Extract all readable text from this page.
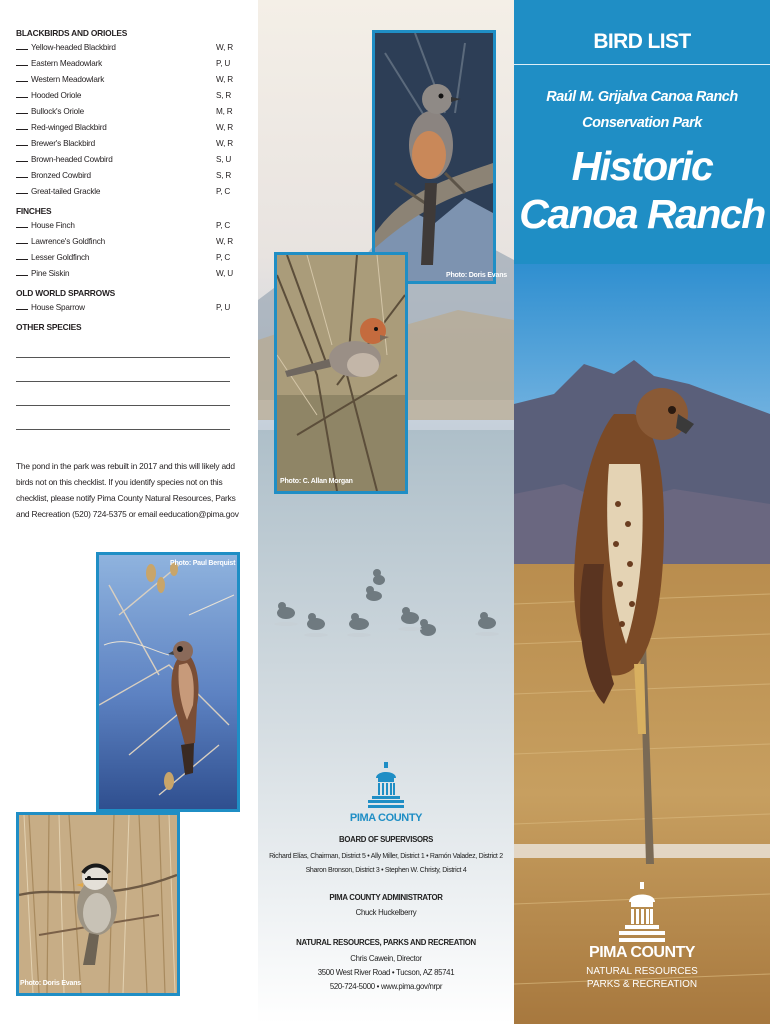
BLACKBIRDS AND ORIOLES
Yellow-headed Blackbird	W, R
Eastern Meadowlark	P, U
Western Meadowlark	W, R
Hooded Oriole	S, R
Bullock's Oriole	M, R
Red-winged Blackbird	W, R
Brewer's Blackbird	W, R
Brown-headed Cowbird	S, U
Bronzed Cowbird	S, R
Great-tailed Grackle	P, C
FINCHES
House Finch	P, C
Lawrence's Goldfinch	W, R
Lesser Goldfinch	P, C
Pine Siskin	W, U
OLD WORLD SPARROWS
House Sparrow	P, U
OTHER SPECIES
The pond in the park was rebuilt in 2017 and this will likely add birds not on this checklist. If you identify species not on this checklist, please notify Pima County Natural Resources, Parks and Recreation (520) 724-5375 or email eeducation@pima.gov
Photo: Paul Berquist
Photo: Doris Evans
Photo: Doris Evans
Photo: C. Allan Morgan
PIMA COUNTY
BOARD OF SUPERVISORS
Richard Elías, Chairman, District 5 • Ally Miller, District 1 • Ramón Valadez, District 2
Sharon Bronson, District 3 • Stephen W. Christy, District 4
PIMA COUNTY ADMINISTRATOR
Chuck Huckelberry
NATURAL RESOURCES, PARKS AND RECREATION
Chris Cawein, Director
3500 West River Road • Tucson, AZ 85741
520-724-5000 • www.pima.gov/nrpr
BIRD LIST
Raúl M. Grijalva Canoa Ranch
Conservation Park
Historic
Canoa Ranch
PIMA COUNTY
NATURAL RESOURCES
PARKS & RECREATION
